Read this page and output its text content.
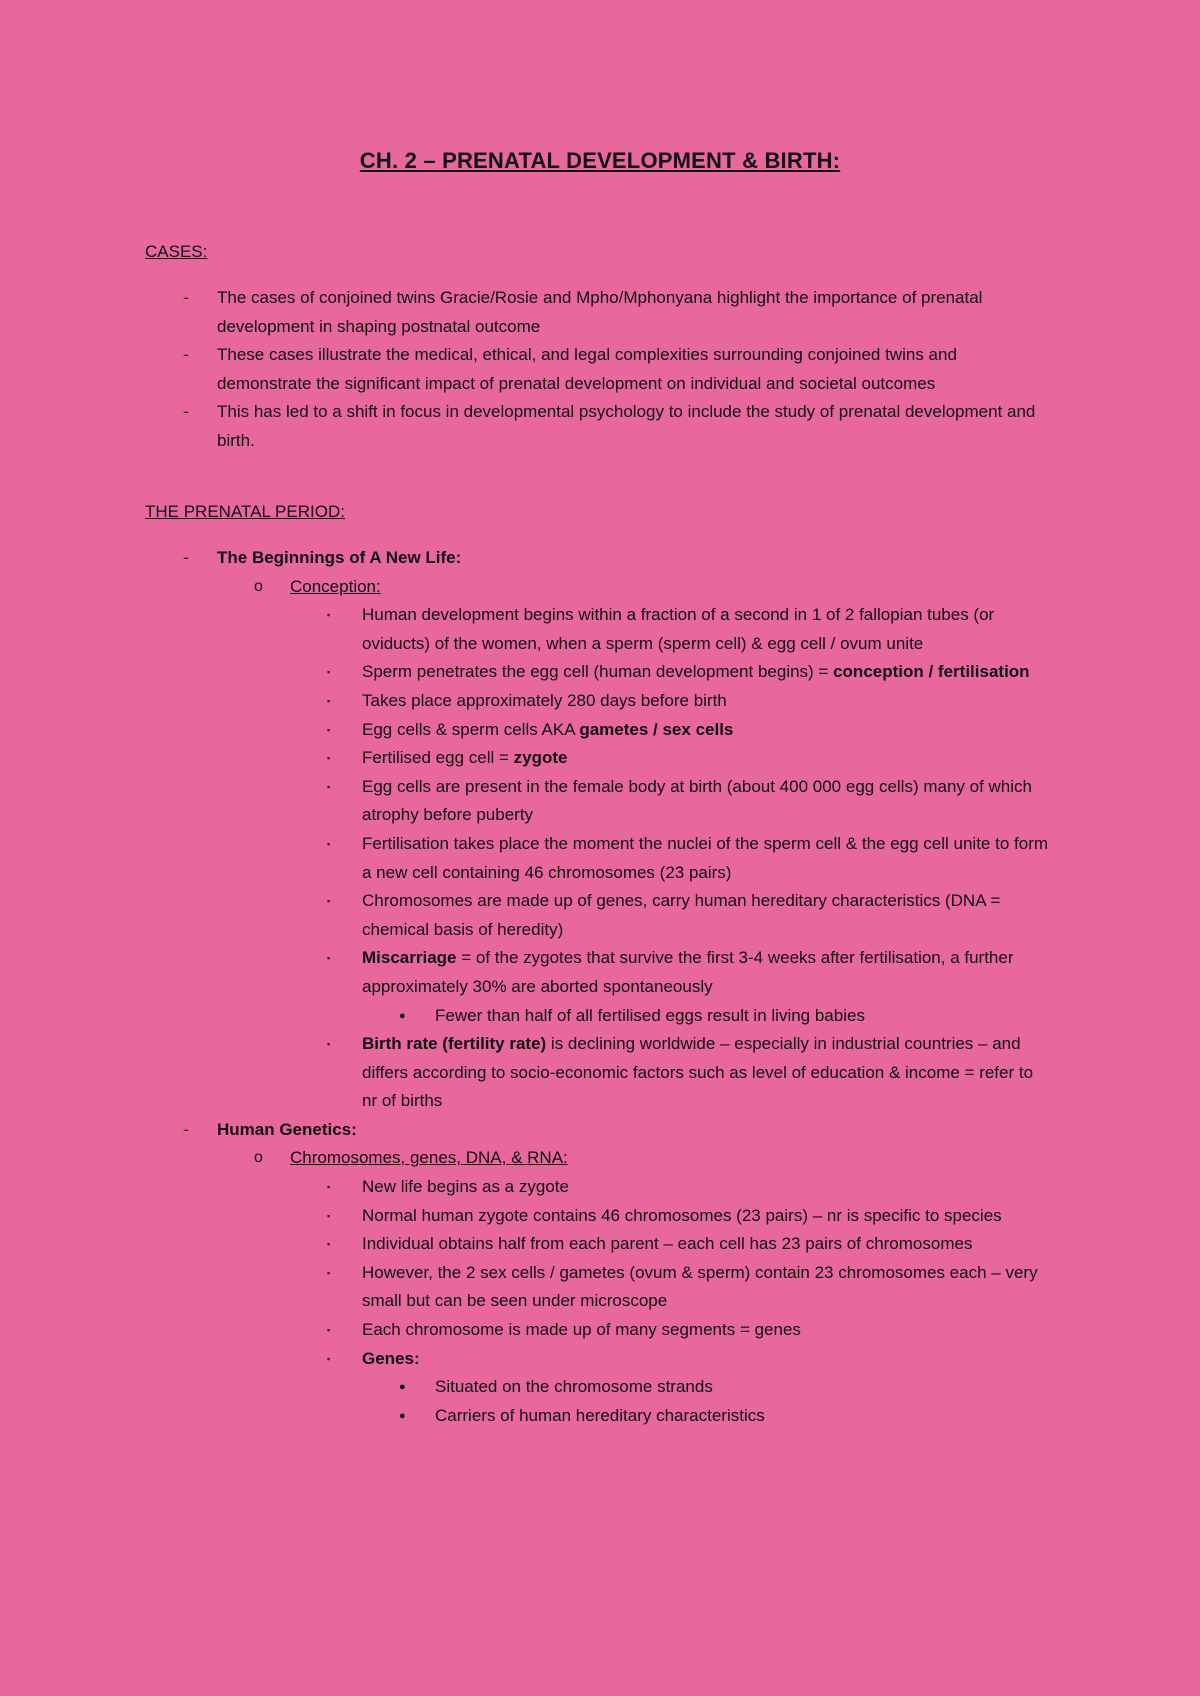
CH. 2 – PRENATAL DEVELOPMENT & BIRTH:
CASES:
- The cases of conjoined twins Gracie/Rosie and Mpho/Mphonyana highlight the importance of prenatal development in shaping postnatal outcome
- These cases illustrate the medical, ethical, and legal complexities surrounding conjoined twins and demonstrate the significant impact of prenatal development on individual and societal outcomes
- This has led to a shift in focus in developmental psychology to include the study of prenatal development and birth.
THE PRENATAL PERIOD:
- The Beginnings of A New Life:
o Conception:
▪ Human development begins within a fraction of a second in 1 of 2 fallopian tubes (or oviducts) of the women, when a sperm (sperm cell) & egg cell / ovum unite
▪ Sperm penetrates the egg cell (human development begins) = conception / fertilisation
▪ Takes place approximately 280 days before birth
▪ Egg cells & sperm cells AKA gametes / sex cells
▪ Fertilised egg cell = zygote
▪ Egg cells are present in the female body at birth (about 400 000 egg cells) many of which atrophy before puberty
▪ Fertilisation takes place the moment the nuclei of the sperm cell & the egg cell unite to form a new cell containing 46 chromosomes (23 pairs)
▪ Chromosomes are made up of genes, carry human hereditary characteristics (DNA = chemical basis of heredity)
▪ Miscarriage = of the zygotes that survive the first 3-4 weeks after fertilisation, a further approximately 30% are aborted spontaneously
● Fewer than half of all fertilised eggs result in living babies
▪ Birth rate (fertility rate) is declining worldwide – especially in industrial countries – and differs according to socio-economic factors such as level of education & income = refer to nr of births
- Human Genetics:
o Chromosomes, genes, DNA, & RNA:
▪ New life begins as a zygote
▪ Normal human zygote contains 46 chromosomes (23 pairs) – nr is specific to species
▪ Individual obtains half from each parent – each cell has 23 pairs of chromosomes
▪ However, the 2 sex cells / gametes (ovum & sperm) contain 23 chromosomes each – very small but can be seen under microscope
▪ Each chromosome is made up of many segments = genes
▪ Genes:
● Situated on the chromosome strands
● Carriers of human hereditary characteristics
